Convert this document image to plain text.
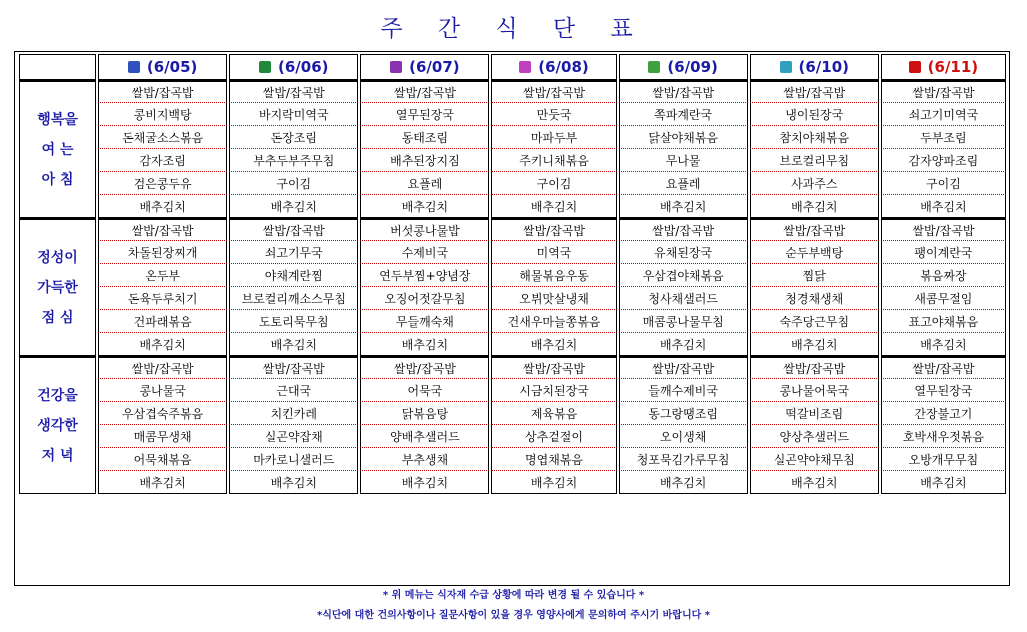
주 간 식 단 표
	(6/05)	(6/06)	(6/07)	(6/08)	(6/09)	(6/10)	(6/11)
행복을
여 는
아 침	쌀밥/잡곡밥	쌀밥/잡곡밥	쌀밥/잡곡밥	쌀밥/잡곡밥	쌀밥/잡곡밥	쌀밥/잡곡밥	쌀밥/잡곡밥
	콩비지백탕	바지락미역국	열무된장국	만둣국	쪽파계란국	냉이된장국	쇠고기미역국
	돈채굴소스볶음	돈장조림	동태조림	마파두부	닭살야채볶음	참치야채볶음	두부조림
	감자조림	부추두부주무침	배추된장지짐	주키니채볶음	무나물	브로컬리무침	감자양파조림
	검은콩두유	구이김	요플레	구이김	요플레	사과주스	구이김
	배추김치	배추김치	배추김치	배추김치	배추김치	배추김치	배추김치
정성이
가득한
점 심	쌀밥/잡곡밥	쌀밥/잡곡밥	버섯콩나물밥	쌀밥/잡곡밥	쌀밥/잡곡밥	쌀밥/잡곡밥	쌀밥/잡곡밥
	차돌된장찌개	쇠고기무국	수제비국	미역국	유채된장국	순두부백탕	팽이계란국
	온두부	야채계란찜	연두부찜+양념장	해물볶음우동	우삼겹야채볶음	찜닭	볶음짜장
	돈육두루치기	브로컬리깨소스무침	오징어젓갈무침	오뷔맛살냉채	청사채샐러드	청경채생채	새콤무절임
	건파래볶음	도토리묵무침	무들깨숙채	건새우마늘쫑볶음	매콤콩나물무침	숙주당근무침	표고야채볶음
	배추김치	배추김치	배추김치	배추김치	배추김치	배추김치	배추김치
건강을
생각한
저 녁	쌀밥/잡곡밥	쌀밥/잡곡밥	쌀밥/잡곡밥	쌀밥/잡곡밥	쌀밥/잡곡밥	쌀밥/잡곡밥	쌀밥/잡곡밥
	콩나물국	근대국	어묵국	시금치된장국	들깨수제비국	콩나물어묵국	열무된장국
	우삼겹숙주볶음	치킨카레	닭볶음탕	제육볶음	동그랑땡조림	떡갈비조림	간장불고기
	매콤무생채	실곤약잡채	양배추샐러드	상추겉절이	오이생채	양상추샐러드	호박새우젓볶음
	어묵채볶음	마카로니샐러드	부추생채	명엽채볶음	청포묵김가루무침	실곤약야채무침	오방개무무침
	배추김치	배추김치	배추김치	배추김치	배추김치	배추김치	배추김치
* 위 메뉴는 식자재 수급 상황에 따라 변경 될 수 있습니다 *
*식단에 대한 건의사항이나 질문사항이 있을 경우 영양사에게 문의하여 주시기 바랍니다 *
